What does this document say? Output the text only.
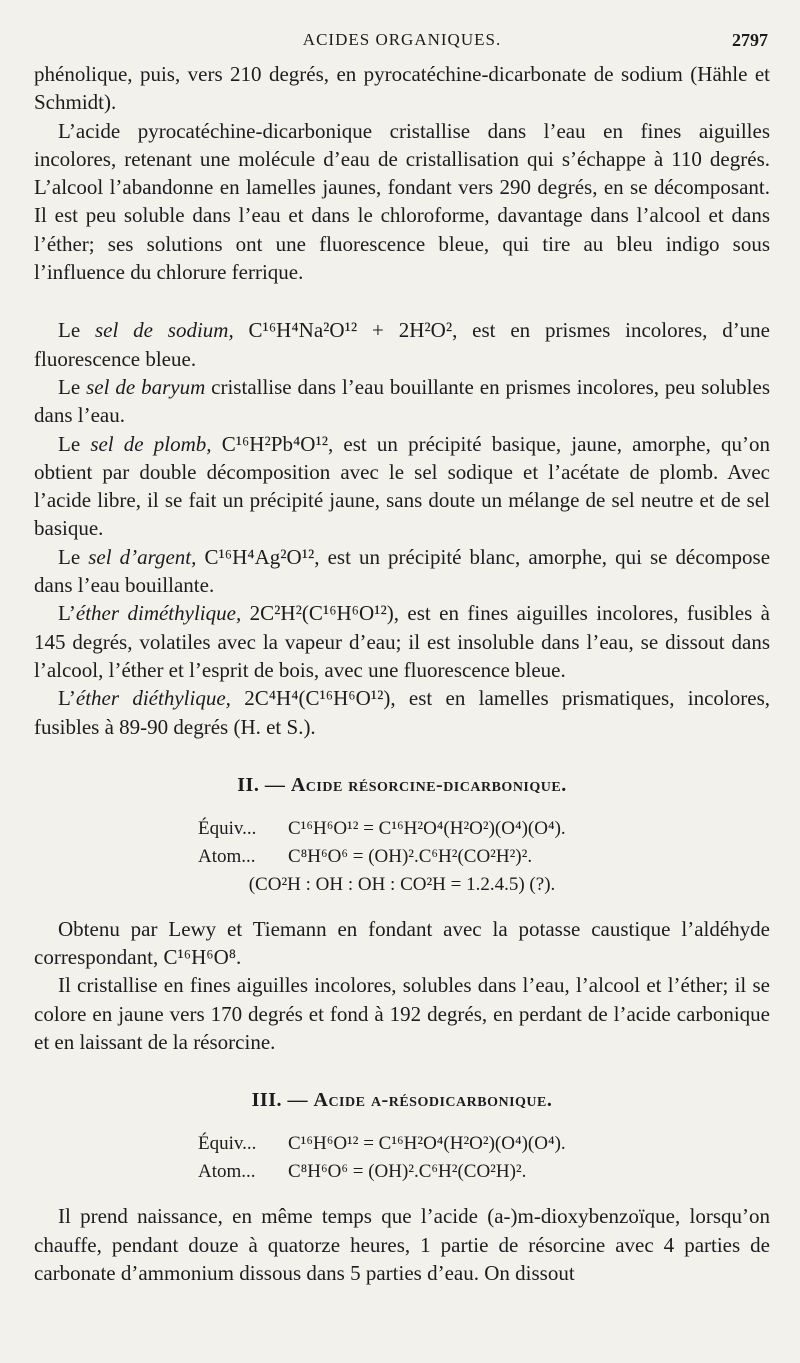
ACIDES ORGANIQUES.	2797

phénolique, puis, vers 210 degrés, en pyrocatéchine-dicarbonate de sodium (Hähle et Schmidt).

L’acide pyrocatéchine-dicarbonique cristallise dans l’eau en fines aiguilles incolores, retenant une molécule d’eau de cristallisation qui s’échappe à 110 degrés. L’alcool l’abandonne en lamelles jaunes, fondant vers 290 degrés, en se décomposant. Il est peu soluble dans l’eau et dans le chloroforme, davantage dans l’alcool et dans l’éther; ses solutions ont une fluorescence bleue, qui tire au bleu indigo sous l’influence du chlorure ferrique.

Le sel de sodium, C¹⁶H⁴Na²O¹² + 2H²O², est en prismes incolores, d’une fluorescence bleue.

Le sel de baryum cristallise dans l’eau bouillante en prismes incolores, peu solubles dans l’eau.

Le sel de plomb, C¹⁶H²Pb⁴O¹², est un précipité basique, jaune, amorphe, qu’on obtient par double décomposition avec le sel sodique et l’acétate de plomb. Avec l’acide libre, il se fait un précipité jaune, sans doute un mélange de sel neutre et de sel basique.

Le sel d’argent, C¹⁶H⁴Ag²O¹², est un précipité blanc, amorphe, qui se décompose dans l’eau bouillante.

L’éther diméthylique, 2C²H²(C¹⁶H⁶O¹²), est en fines aiguilles incolores, fusibles à 145 degrés, volatiles avec la vapeur d’eau; il est insoluble dans l’eau, se dissout dans l’alcool, l’éther et l’esprit de bois, avec une fluorescence bleue.

L’éther diéthylique, 2C⁴H⁴(C¹⁶H⁶O¹²), est en lamelles prismatiques, incolores, fusibles à 89-90 degrés (H. et S.).

II. — Acide résorcine-dicarbonique.
Équiv... C¹⁶H⁶O¹² = C¹⁶H²O⁴(H²O²)(O⁴)(O⁴).
Atom... C⁸H⁶O⁶ = (OH)².C⁶H²(CO²H²)².
(CO²H : OH : OH : CO²H = 1.2.4.5) (?).

Obtenu par Lewy et Tiemann en fondant avec la potasse caustique l’aldéhyde correspondant, C¹⁶H⁶O⁸.

Il cristallise en fines aiguilles incolores, solubles dans l’eau, l’alcool et l’éther; il se colore en jaune vers 170 degrés et fond à 192 degrés, en perdant de l’acide carbonique et en laissant de la résorcine.

III. — Acide α-résodicarbonique.
Équiv... C¹⁶H⁶O¹² = C¹⁶H²O⁴(H²O²)(O⁴)(O⁴).
Atom... C⁸H⁶O⁶ = (OH)².C⁶H²(CO²H)².

Il prend naissance, en même temps que l’acide (a-)m-dioxybenzoïque, lorsqu’on chauffe, pendant douze à quatorze heures, 1 partie de résorcine avec 4 parties de carbonate d’ammonium dissous dans 5 parties d’eau. On dissout
